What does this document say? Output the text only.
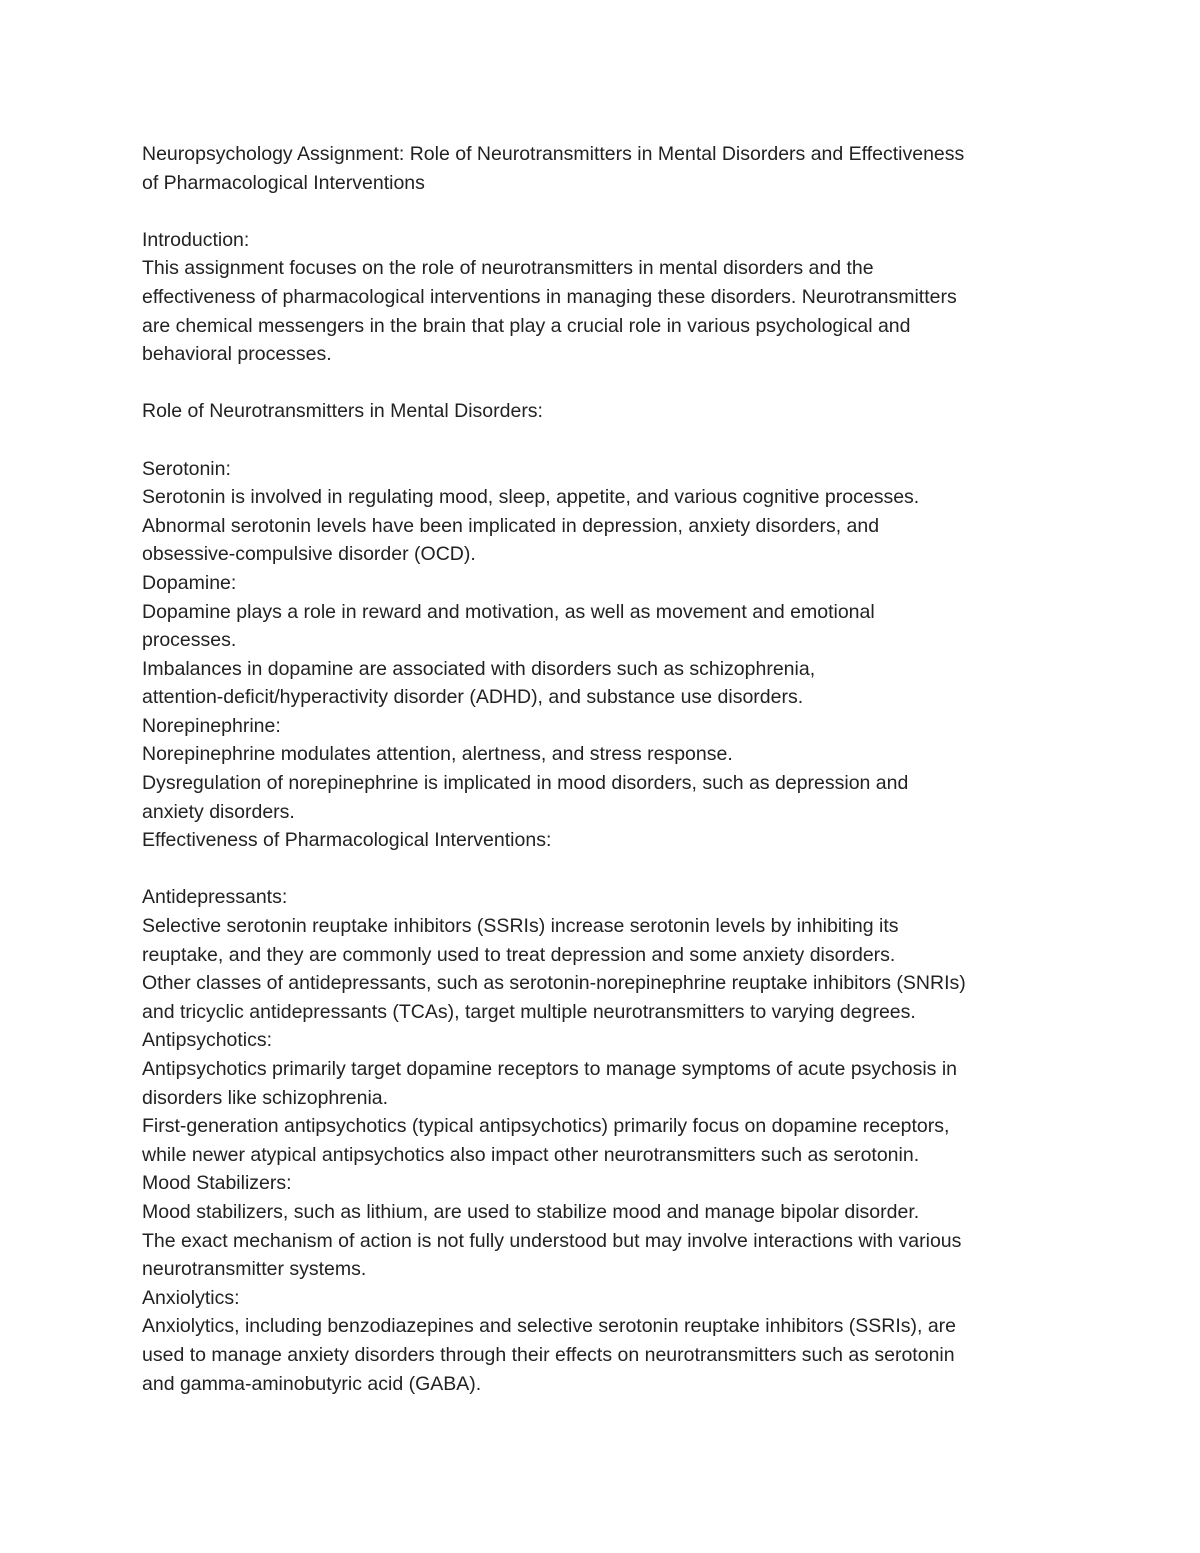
Neuropsychology Assignment: Role of Neurotransmitters in Mental Disorders and Effectiveness
of Pharmacological Interventions
Introduction:
This assignment focuses on the role of neurotransmitters in mental disorders and the
effectiveness of pharmacological interventions in managing these disorders. Neurotransmitters
are chemical messengers in the brain that play a crucial role in various psychological and
behavioral processes.
Role of Neurotransmitters in Mental Disorders:
Serotonin:
Serotonin is involved in regulating mood, sleep, appetite, and various cognitive processes.
Abnormal serotonin levels have been implicated in depression, anxiety disorders, and
obsessive-compulsive disorder (OCD).
Dopamine:
Dopamine plays a role in reward and motivation, as well as movement and emotional
processes.
Imbalances in dopamine are associated with disorders such as schizophrenia,
attention-deficit/hyperactivity disorder (ADHD), and substance use disorders.
Norepinephrine:
Norepinephrine modulates attention, alertness, and stress response.
Dysregulation of norepinephrine is implicated in mood disorders, such as depression and
anxiety disorders.
Effectiveness of Pharmacological Interventions:
Antidepressants:
Selective serotonin reuptake inhibitors (SSRIs) increase serotonin levels by inhibiting its
reuptake, and they are commonly used to treat depression and some anxiety disorders.
Other classes of antidepressants, such as serotonin-norepinephrine reuptake inhibitors (SNRIs)
and tricyclic antidepressants (TCAs), target multiple neurotransmitters to varying degrees.
Antipsychotics:
Antipsychotics primarily target dopamine receptors to manage symptoms of acute psychosis in
disorders like schizophrenia.
First-generation antipsychotics (typical antipsychotics) primarily focus on dopamine receptors,
while newer atypical antipsychotics also impact other neurotransmitters such as serotonin.
Mood Stabilizers:
Mood stabilizers, such as lithium, are used to stabilize mood and manage bipolar disorder.
The exact mechanism of action is not fully understood but may involve interactions with various
neurotransmitter systems.
Anxiolytics:
Anxiolytics, including benzodiazepines and selective serotonin reuptake inhibitors (SSRIs), are
used to manage anxiety disorders through their effects on neurotransmitters such as serotonin
and gamma-aminobutyric acid (GABA).
